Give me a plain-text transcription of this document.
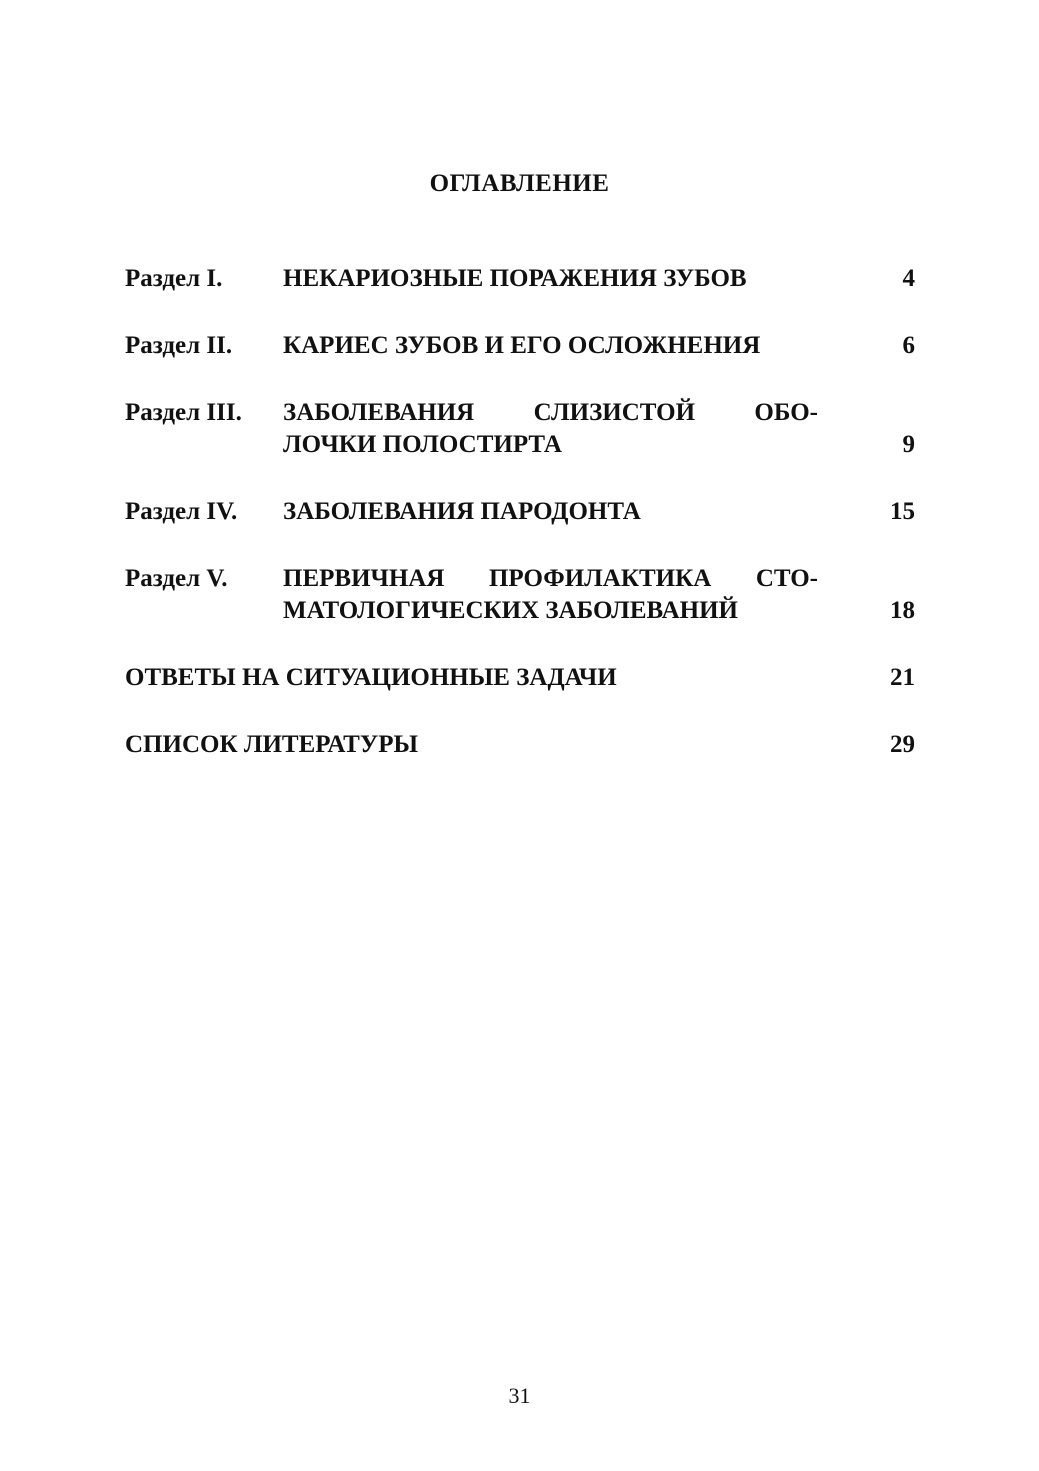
ОГЛАВЛЕНИЕ
Раздел I. НЕКАРИОЗНЫЕ ПОРАЖЕНИЯ ЗУБОВ	4
Раздел II. КАРИЕС ЗУБОВ И ЕГО ОСЛОЖНЕНИЯ	6
Раздел III. ЗАБОЛЕВАНИЯ СЛИЗИСТОЙ ОБО-
ЛОЧКИ ПОЛОСТИРТА	9
Раздел IV. ЗАБОЛЕВАНИЯ ПАРОДОНТА	15
Раздел V. ПЕРВИЧНАЯ ПРОФИЛАКТИКА СТО-
МАТОЛОГИЧЕСКИХ ЗАБОЛЕВАНИЙ	18
ОТВЕТЫ НА СИТУАЦИОННЫЕ ЗАДАЧИ	21
СПИСОК ЛИТЕРАТУРЫ	29
31
